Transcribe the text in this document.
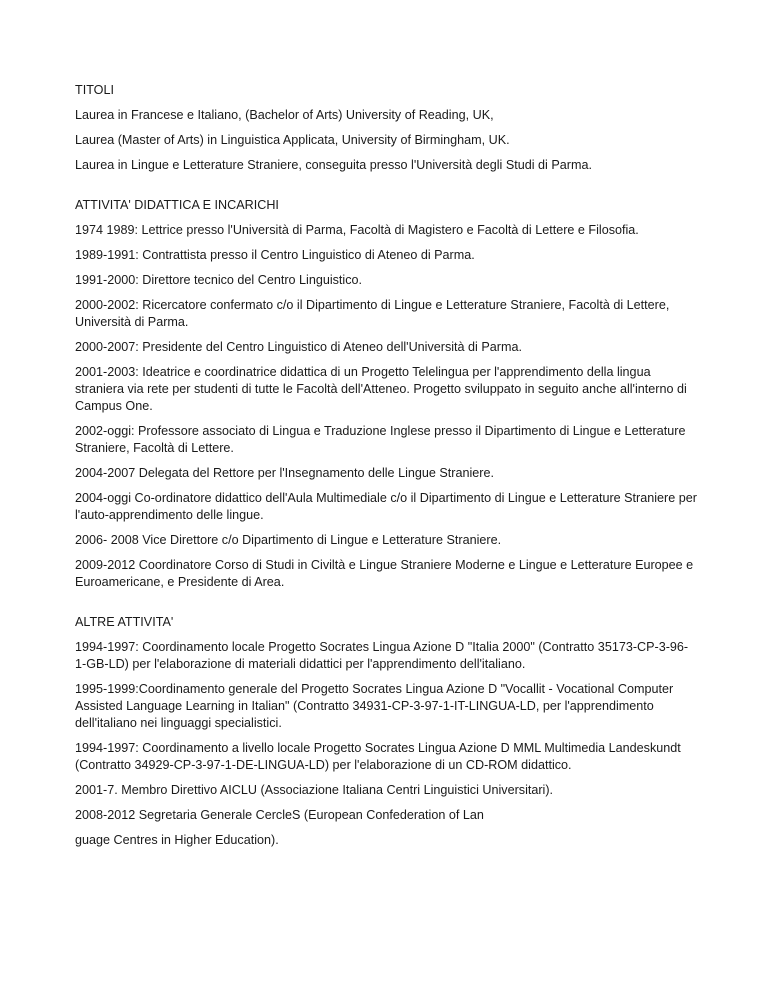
TITOLI
Laurea in Francese e Italiano, (Bachelor of Arts) University of Reading, UK,
Laurea (Master of Arts) in Linguistica Applicata, University of Birmingham, UK.
Laurea in Lingue e Letterature Straniere, conseguita presso l'Università degli Studi di Parma.
ATTIVITA' DIDATTICA E INCARICHI
1974 1989: Lettrice presso l'Università di Parma, Facoltà di Magistero e Facoltà di Lettere e Filosofia.
1989-1991: Contrattista presso il Centro Linguistico di Ateneo di Parma.
1991-2000: Direttore tecnico del Centro Linguistico.
2000-2002: Ricercatore confermato c/o il Dipartimento di Lingue e Letterature Straniere, Facoltà di Lettere, Università di Parma.
2000-2007: Presidente del Centro Linguistico di Ateneo dell'Università di Parma.
2001-2003: Ideatrice e coordinatrice didattica di un Progetto Telelingua per l'apprendimento della lingua straniera via rete per studenti di tutte le Facoltà dell'Atteneo. Progetto sviluppato in seguito anche all'interno di Campus One.
2002-oggi: Professore associato di Lingua e Traduzione Inglese presso il Dipartimento di Lingue e Letterature Straniere, Facoltà di Lettere.
2004-2007 Delegata del Rettore per l'Insegnamento delle Lingue Straniere.
2004-oggi Co-ordinatore didattico dell'Aula Multimediale c/o il Dipartimento di Lingue e Letterature Straniere per l'auto-apprendimento delle lingue.
2006- 2008 Vice Direttore c/o Dipartimento di Lingue e Letterature Straniere.
2009-2012 Coordinatore Corso di Studi in Civiltà e Lingue Straniere Moderne e Lingue e Letterature Europee e Euroamericane, e Presidente di Area.
ALTRE ATTIVITA'
1994-1997: Coordinamento locale Progetto Socrates Lingua Azione D "Italia 2000" (Contratto 35173-CP-3-96-1-GB-LD) per l'elaborazione di materiali didattici per l'apprendimento dell'italiano.
1995-1999:Coordinamento generale del Progetto Socrates Lingua Azione D "Vocallit - Vocational Computer Assisted Language Learning in Italian" (Contratto 34931-CP-3-97-1-IT-LINGUA-LD, per l'apprendimento dell'italiano nei linguaggi specialistici.
1994-1997: Coordinamento a livello locale Progetto Socrates Lingua Azione D MML Multimedia Landeskundt (Contratto 34929-CP-3-97-1-DE-LINGUA-LD) per l'elaborazione di un CD-ROM didattico.
2001-7. Membro Direttivo AICLU (Associazione Italiana Centri Linguistici Universitari).
2008-2012 Segretaria Generale CercleS (European Confederation of Lan
guage Centres in Higher Education).
